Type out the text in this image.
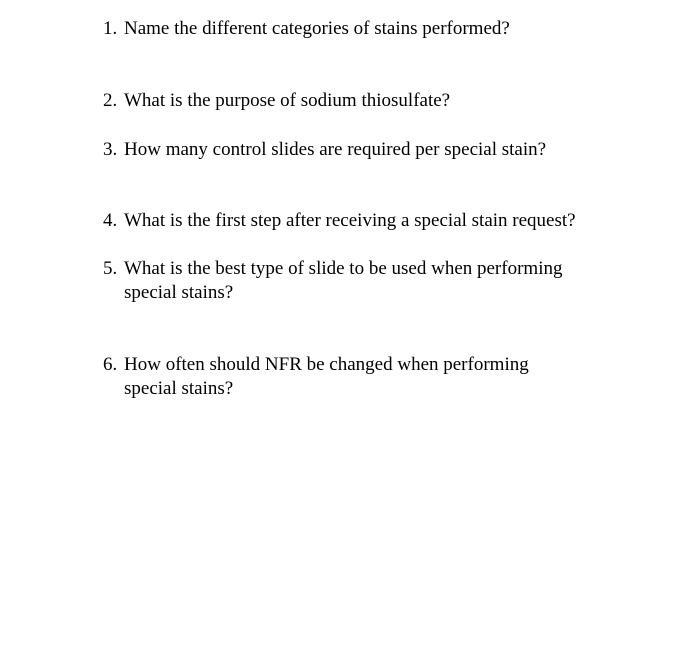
1. Name the different categories of stains performed?
2. What is the purpose of sodium thiosulfate?
3. How many control slides are required per special stain?
4. What is the first step after receiving a special stain request?
5. What is the best type of slide to be used when performing special stains?
6. How often should NFR be changed when performing special stains?
